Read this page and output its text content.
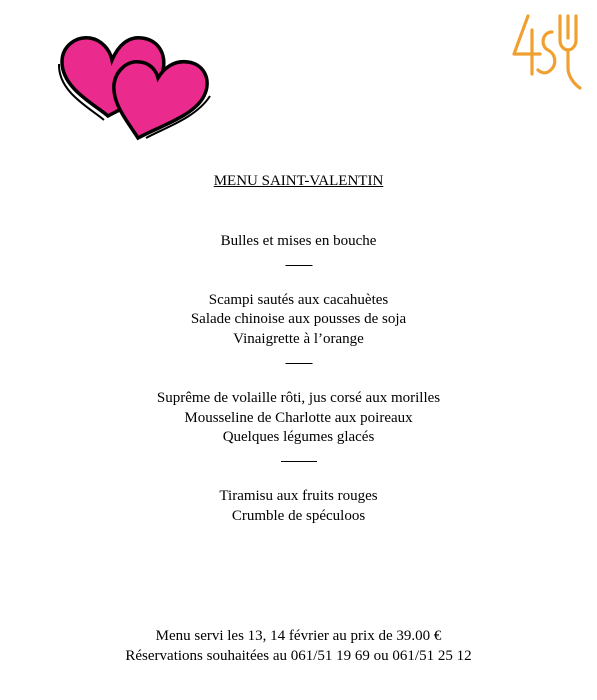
MENU SAINT-VALENTIN
Bulles et mises en bouche
Scampi sautés aux cacahuètes
Salade chinoise aux pousses de soja
Vinaigrette à l’orange
Suprême de volaille rôti, jus corsé aux morilles
Mousseline de Charlotte aux poireaux
Quelques légumes glacés
Tiramisu aux fruits rouges
Crumble de spéculoos
Menu servi les 13, 14 février au prix de 39.00 €
Réservations souhaitées au 061/51 19 69 ou 061/51 25 12
